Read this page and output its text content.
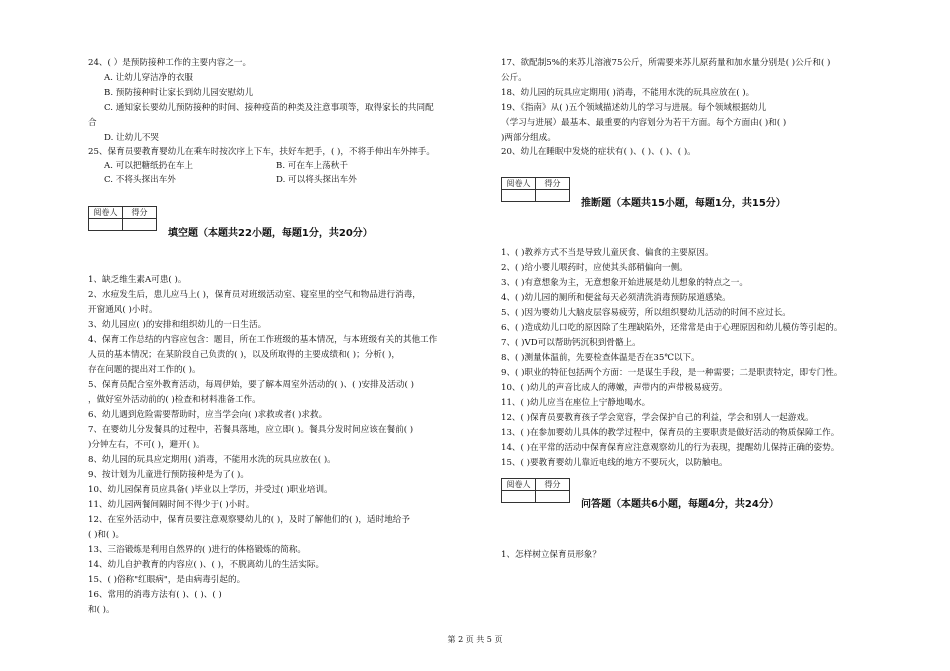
24、( ）是预防接种工作的主要内容之一。
A. 让幼儿穿洁净的衣服
B. 预防接种时让家长到幼儿园安慰幼儿
C. 通知家长要幼儿预防接种的时间、接种疫苗的种类及注意事项等，取得家长的共同配
合
D. 让幼儿不哭
25、保育员要教育婴幼儿在乘车时按次序上下车，扶好车把手，( )，不将手伸出车外摔手。
A. 可以把糖纸扔在车上	B. 可在车上荡秋千
C. 不将头探出车外	D. 可以将头探出车外
阅卷人	得分

填空题（本题共22小题，每题1分，共20分）
1、缺乏维生素A可患( )。
2、水痘发生后，患儿应马上( )，保育员对班级活动室、寝室里的空气和物品进行消毒，
开窗通风( )小时。
3、幼儿园应( )的安排和组织幼儿的一日生活。
4、保育工作总结的内容应包含：题目，所在工作班级的基本情况，与本班级有关的其他工作
人员的基本情况；在某阶段自己负责的( )，以及所取得的主要成绩和( )；分析( )，
存在问题的提出对工作的( )。
5、保育员配合室外教育活动，每周伊始，要了解本周室外活动的( )、( )安排及活动( )
，做好室外活动前的( )检查和材料准备工作。
6、幼儿遇到危险需要帮助时，应当学会向( )求救或者( )求救。
7、在婴幼儿分发餐具的过程中，若餐具落地，应立即( )。餐具分发时间应该在餐前( )
)分钟左右，不可( )，避开( )。
8、幼儿园的玩具应定期用( )消毒，不能用水洗的玩具应放在( )。
9、按计划为儿童进行预防接种是为了( )。
10、幼儿园保育员应具备( )毕业以上学历，并受过( )职业培训。
11、幼儿园两餐间隔时间不得少于( )小时。
12、在室外活动中，保育员要注意观察婴幼儿的( )，及时了解他们的( )，适时地给予
( )和( )。
13、三浴锻炼是利用自然界的( )进行的体格锻炼的简称。
14、幼儿自护教育的内容应( )、( )，不脱离幼儿的生活实际。
15、( )俗称"红眼病"，是由病毒引起的。
16、常用的消毒方法有( )、( )、( )
和( )。
17、欲配制5%的来苏儿溶液75公斤，所需要来苏儿原药量和加水量分别是( )公斤和( )
公斤。
18、幼儿园的玩具应定期用( )消毒，不能用水洗的玩具应放在( )。
19、《指南》从( )五个领域描述幼儿的学习与进展。每个领域根据幼儿
（学习与进展）最基本、最重要的内容划分为若干方面。每个方面由( )和( )
)两部分组成。
20、幼儿在睡眠中发烧的症状有( )、( )、( )、( )。
阅卷人	得分

推断题（本题共15小题，每题1分，共15分）
1、( )教养方式不当是导致儿童厌食、偏食的主要原因。
2、( )给小婴儿喂药时，应使其头部稍偏向一侧。
3、( )有意想象为主，无意想象开始进展是幼儿想象的特点之一。
4、( )幼儿园的厕所和便盆每天必须清洗消毒预防尿道感染。
5、( )因为婴幼儿大脑皮层容易疲劳，所以组织婴幼儿活动的时间不应过长。
6、( )造成幼儿口吃的原因除了生理缺陷外，还常常是由于心理原因和幼儿模仿等引起的。
7、( )VD可以帮助钙沉积到骨骼上。
8、( )测量体温前，先要检查体温是否在35℃以下。
9、( )职业的特征包括两个方面：一是谋生手段，是一种需要；二是职责特定，即专门性。
10、( )幼儿的声音比成人的薄嫩，声带内的声带极易疲劳。
11、( )幼儿应当在座位上宁静地喝水。
12、( )保育员要教育孩子学会宽容，学会保护自己的利益，学会和别人一起游戏。
13、( )在参加婴幼儿具体的教学过程中，保育员的主要职责是做好活动的物质保障工作。
14、( )在平常的活动中保育保育应注意观察幼儿的行为表现，提醒幼儿保持正确的姿势。
15、( )要教育婴幼儿靠近电线的地方不要玩火，以防触电。
阅卷人	得分

问答题（本题共6小题，每题4分，共24分）
1、怎样树立保育员形象？
第 2 页 共 5 页
